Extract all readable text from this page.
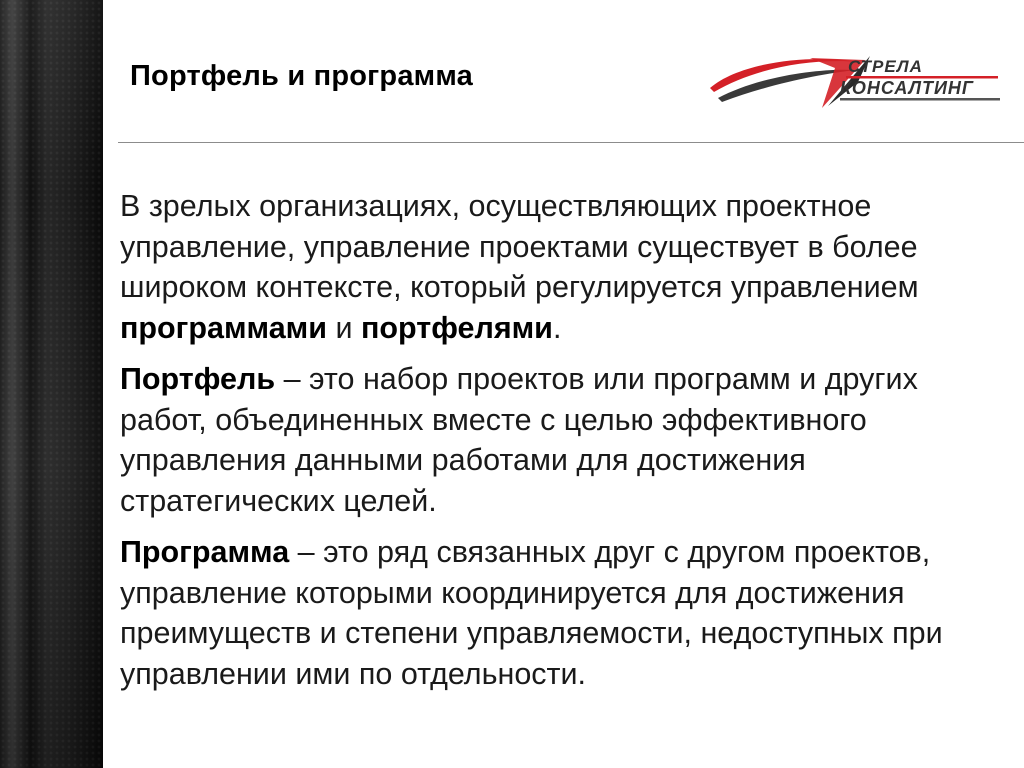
Портфель и программа	СТРЕЛА
КОНСАЛТИНГ

В зрелых организациях, осуществляющих проектное управление, управление проектами существует в более широком контексте, который регулируется управлением программами и портфелями.

Портфель – это набор проектов или программ и других работ, объединенных вместе с целью эффективного управления данными работами для достижения стратегических целей.

Программа – это ряд связанных друг с другом проектов, управление которыми координируется для достижения преимуществ и степени управляемости, недоступных при управлении ими по отдельности.
